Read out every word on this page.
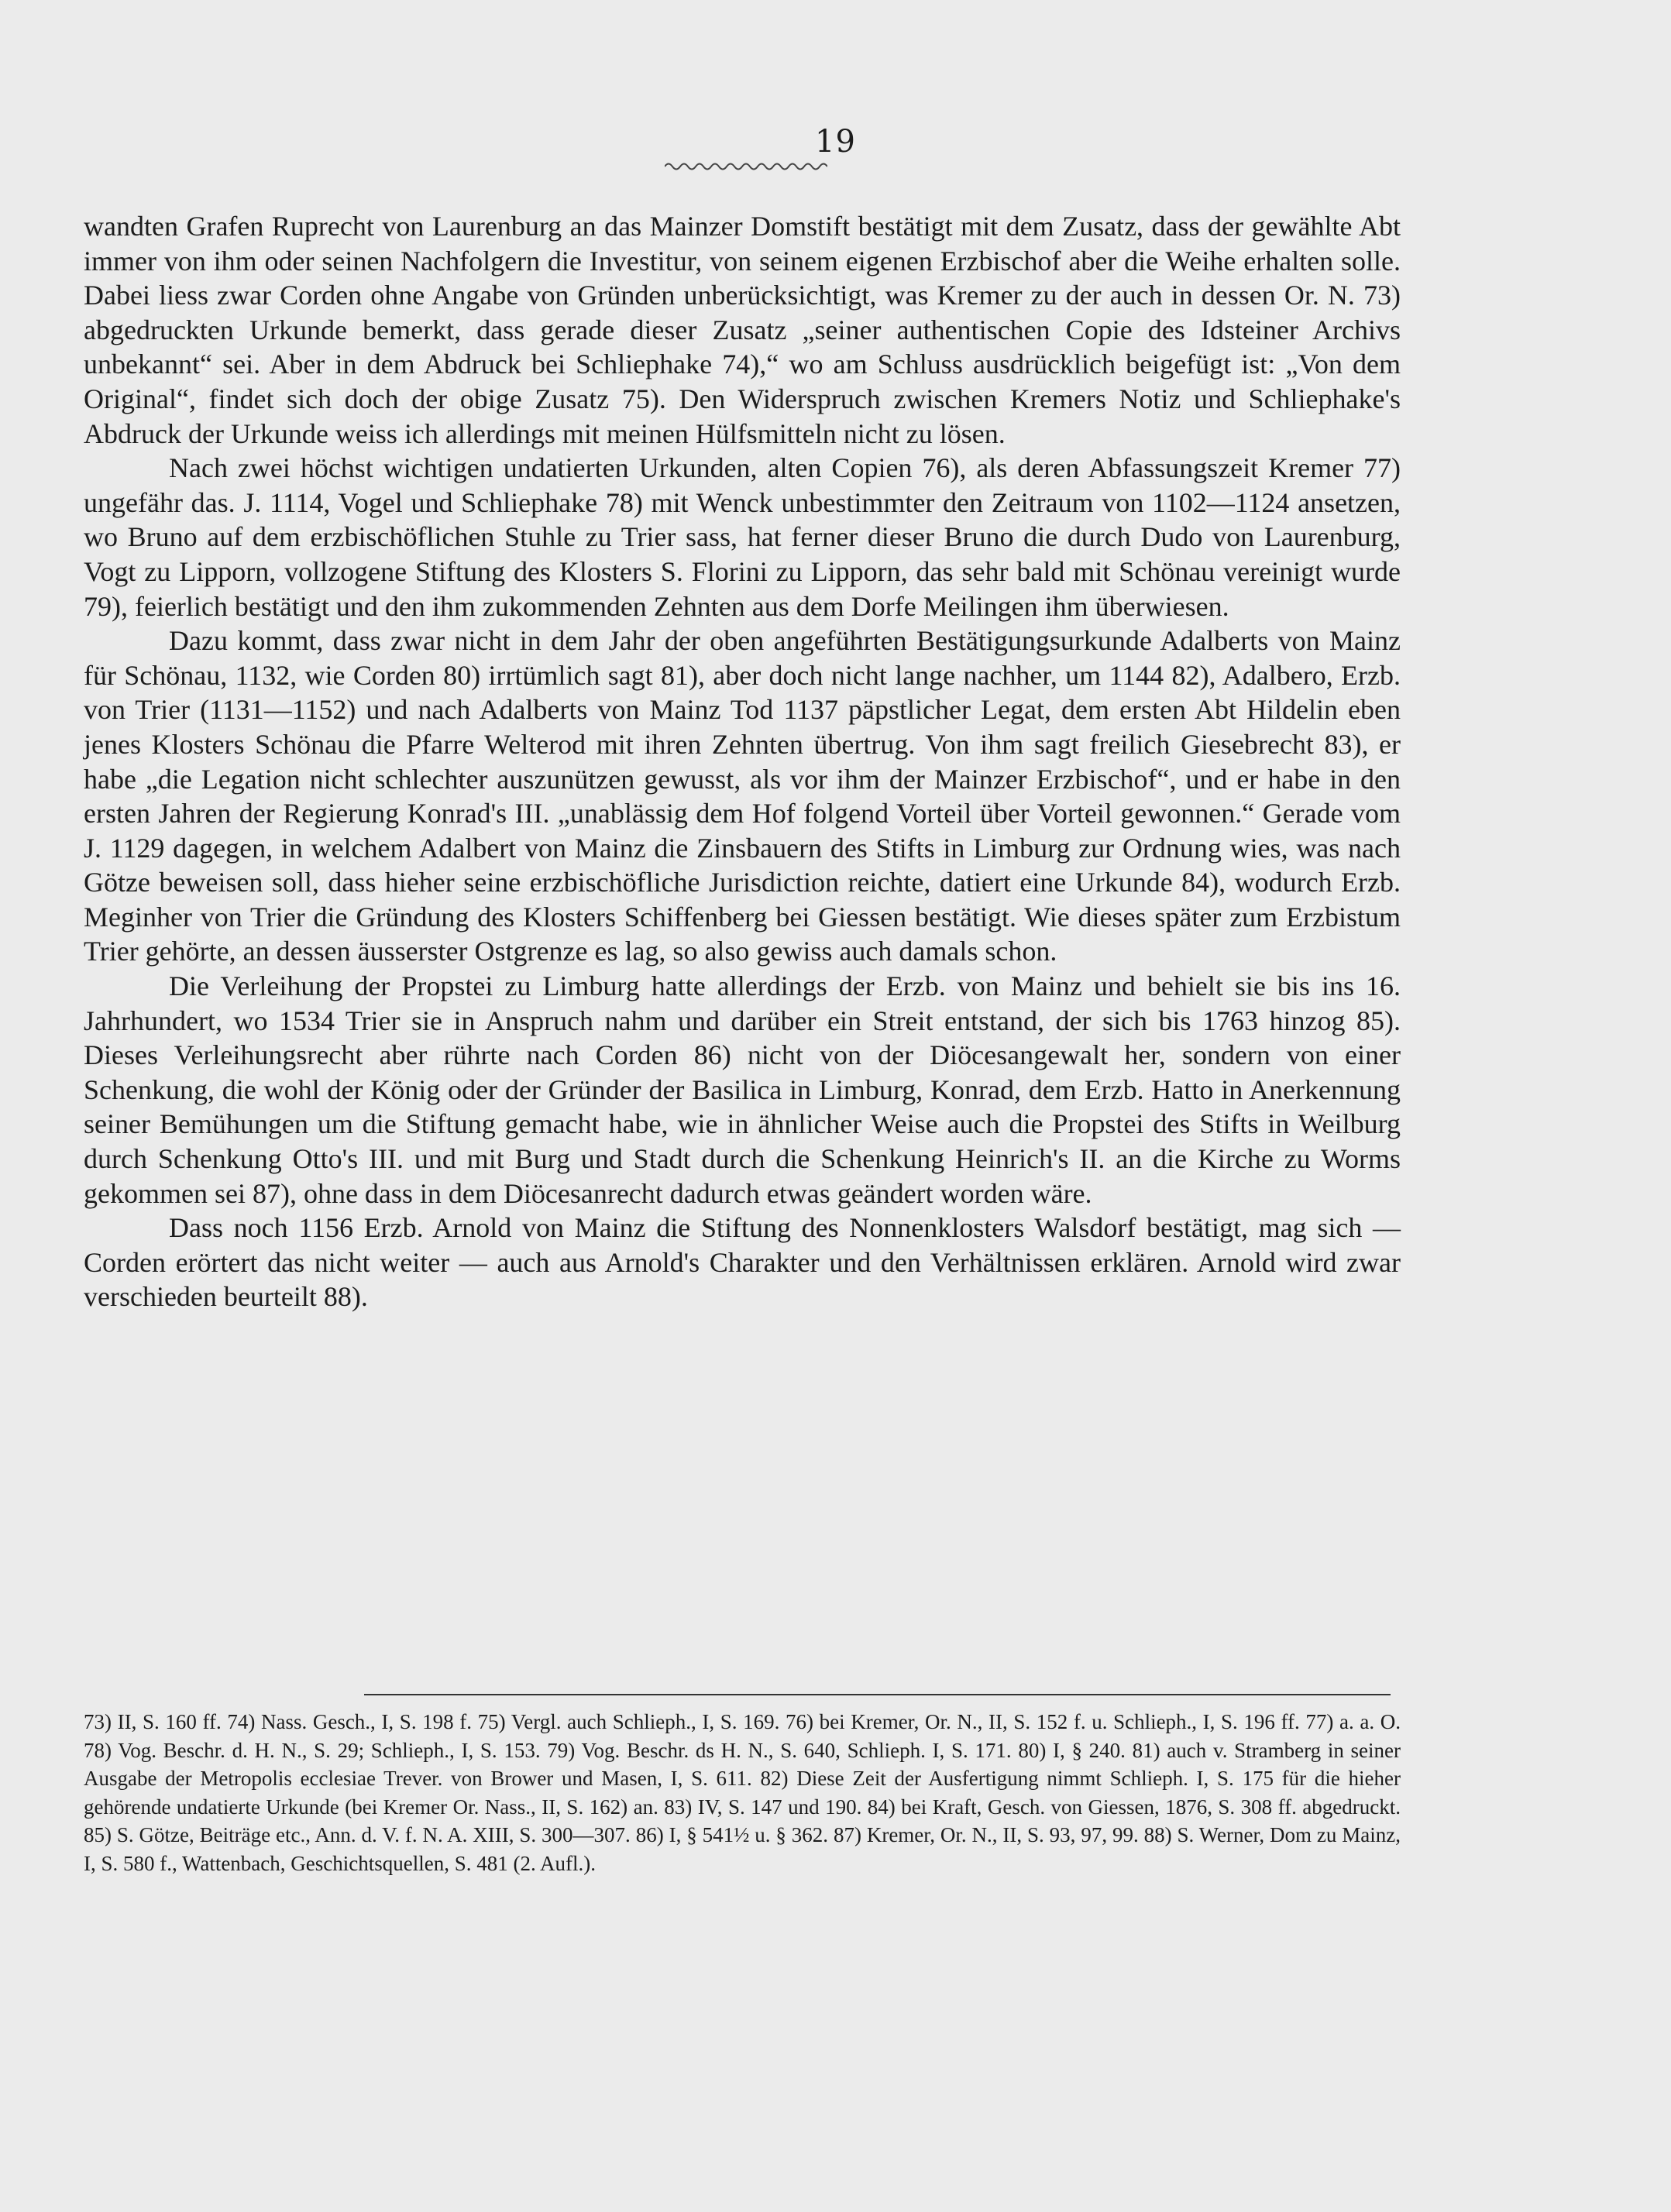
19

wandten Grafen Ruprecht von Laurenburg an das Mainzer Domstift bestätigt mit dem Zusatz, dass der gewählte Abt immer von ihm oder seinen Nachfolgern die Investitur, von seinem eigenen Erzbischof aber die Weihe erhalten solle. Dabei liess zwar Corden ohne Angabe von Gründen unberücksichtigt, was Kremer zu der auch in dessen Or. N. 73) abgedruckten Urkunde bemerkt, dass gerade dieser Zusatz „seiner authentischen Copie des Idsteiner Archivs unbekannt“ sei. Aber in dem Abdruck bei Schliephake 74),“ wo am Schluss ausdrücklich beigefügt ist: „Von dem Original“, findet sich doch der obige Zusatz 75). Den Widerspruch zwischen Kremers Notiz und Schliephake's Abdruck der Urkunde weiss ich allerdings mit meinen Hülfsmitteln nicht zu lösen.

Nach zwei höchst wichtigen undatierten Urkunden, alten Copien 76), als deren Abfassungszeit Kremer 77) ungefähr das. J. 1114, Vogel und Schliephake 78) mit Wenck unbestimmter den Zeitraum von 1102—1124 ansetzen, wo Bruno auf dem erzbischöflichen Stuhle zu Trier sass, hat ferner dieser Bruno die durch Dudo von Laurenburg, Vogt zu Lipporn, vollzogene Stiftung des Klosters S. Florini zu Lipporn, das sehr bald mit Schönau vereinigt wurde 79), feierlich bestätigt und den ihm zukommenden Zehnten aus dem Dorfe Meilingen ihm überwiesen.

Dazu kommt, dass zwar nicht in dem Jahr der oben angeführten Bestätigungsurkunde Adalberts von Mainz für Schönau, 1132, wie Corden 80) irrtümlich sagt 81), aber doch nicht lange nachher, um 1144 82), Adalbero, Erzb. von Trier (1131—1152) und nach Adalberts von Mainz Tod 1137 päpstlicher Legat, dem ersten Abt Hildelin eben jenes Klosters Schönau die Pfarre Welterod mit ihren Zehnten übertrug. Von ihm sagt freilich Giesebrecht 83), er habe „die Legation nicht schlechter auszunützen gewusst, als vor ihm der Mainzer Erzbischof“, und er habe in den ersten Jahren der Regierung Konrad's III. „unablässig dem Hof folgend Vorteil über Vorteil gewonnen.“ Gerade vom J. 1129 dagegen, in welchem Adalbert von Mainz die Zinsbauern des Stifts in Limburg zur Ordnung wies, was nach Götze beweisen soll, dass hieher seine erzbischöfliche Jurisdiction reichte, datiert eine Urkunde 84), wodurch Erzb. Meginher von Trier die Gründung des Klosters Schiffenberg bei Giessen bestätigt. Wie dieses später zum Erzbistum Trier gehörte, an dessen äusserster Ostgrenze es lag, so also gewiss auch damals schon.

Die Verleihung der Propstei zu Limburg hatte allerdings der Erzb. von Mainz und behielt sie bis ins 16. Jahrhundert, wo 1534 Trier sie in Anspruch nahm und darüber ein Streit entstand, der sich bis 1763 hinzog 85). Dieses Verleihungsrecht aber rührte nach Corden 86) nicht von der Diöcesangewalt her, sondern von einer Schenkung, die wohl der König oder der Gründer der Basilica in Limburg, Konrad, dem Erzb. Hatto in Anerkennung seiner Bemühungen um die Stiftung gemacht habe, wie in ähnlicher Weise auch die Propstei des Stifts in Weilburg durch Schenkung Otto's III. und mit Burg und Stadt durch die Schenkung Heinrich's II. an die Kirche zu Worms gekommen sei 87), ohne dass in dem Diöcesanrecht dadurch etwas geändert worden wäre.

Dass noch 1156 Erzb. Arnold von Mainz die Stiftung des Nonnenklosters Walsdorf bestätigt, mag sich — Corden erörtert das nicht weiter — auch aus Arnold's Charakter und den Verhältnissen erklären. Arnold wird zwar verschieden beurteilt 88).

73) II, S. 160 ff. 74) Nass. Gesch., I, S. 198 f. 75) Vergl. auch Schlieph., I, S. 169. 76) bei Kremer, Or. N., II, S. 152 f. u. Schlieph., I, S. 196 ff. 77) a. a. O. 78) Vog. Beschr. d. H. N., S. 29; Schlieph., I, S. 153. 79) Vog. Beschr. ds H. N., S. 640, Schlieph. I, S. 171. 80) I, § 240. 81) auch v. Stramberg in seiner Ausgabe der Metropolis ecclesiae Trever. von Brower und Masen, I, S. 611. 82) Diese Zeit der Ausfertigung nimmt Schlieph. I, S. 175 für die hieher gehörende undatierte Urkunde (bei Kremer Or. Nass., II, S. 162) an. 83) IV, S. 147 und 190. 84) bei Kraft, Gesch. von Giessen, 1876, S. 308 ff. abgedruckt. 85) S. Götze, Beiträge etc., Ann. d. V. f. N. A. XIII, S. 300—307. 86) I, § 541½ u. § 362. 87) Kremer, Or. N., II, S. 93, 97, 99. 88) S. Werner, Dom zu Mainz, I, S. 580 f., Wattenbach, Geschichtsquellen, S. 481 (2. Aufl.).
